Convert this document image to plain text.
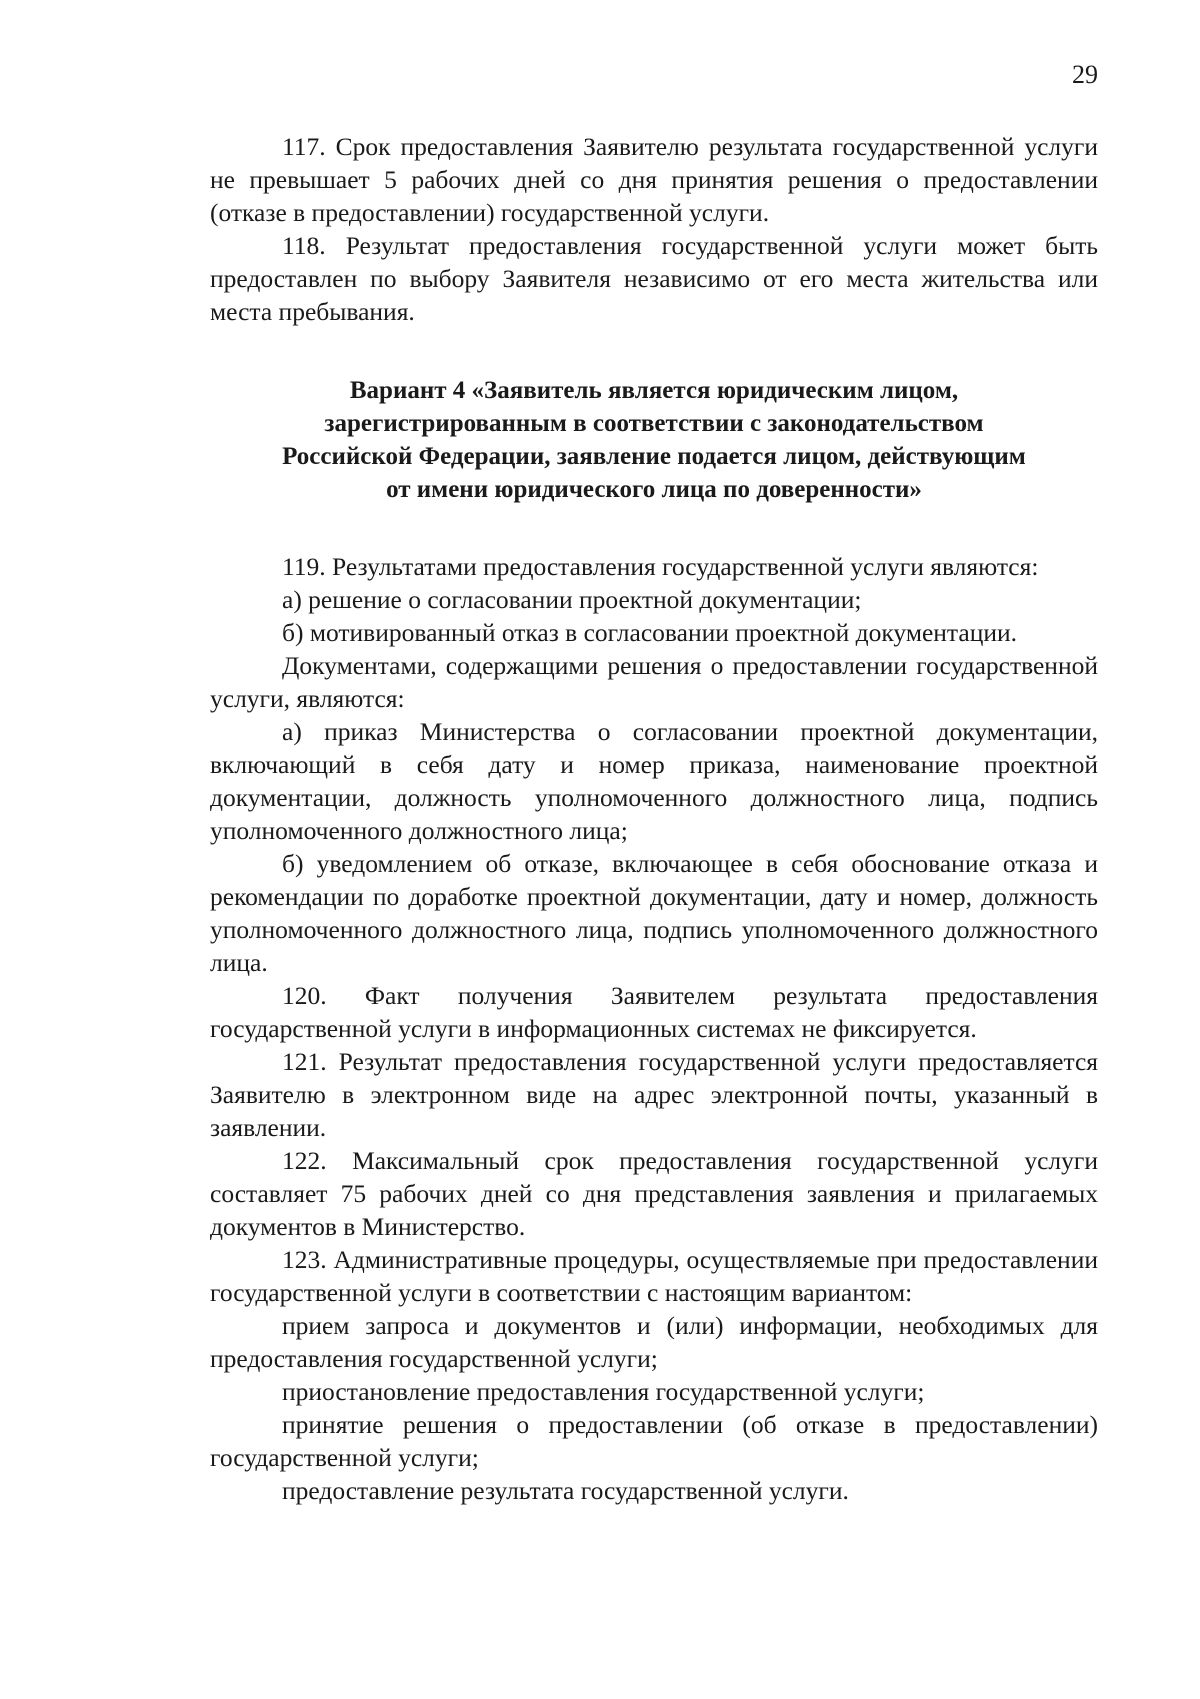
29

117. Срок предоставления Заявителю результата государственной услуги не превышает 5 рабочих дней со дня принятия решения о предоставлении (отказе в предоставлении) государственной услуги.

118. Результат предоставления государственной услуги может быть предоставлен по выбору Заявителя независимо от его места жительства или места пребывания.

Вариант 4 «Заявитель является юридическим лицом,
зарегистрированным в соответствии с законодательством
Российской Федерации, заявление подается лицом, действующим
от имени юридического лица по доверенности»

119. Результатами предоставления государственной услуги являются:

а) решение о согласовании проектной документации;

б) мотивированный отказ в согласовании проектной документации.

Документами, содержащими решения о предоставлении государственной услуги, являются:

а) приказ Министерства о согласовании проектной документации, включающий в себя дату и номер приказа, наименование проектной документации, должность уполномоченного должностного лица, подпись уполномоченного должностного лица;

б) уведомлением об отказе, включающее в себя обоснование отказа и рекомендации по доработке проектной документации, дату и номер, должность уполномоченного должностного лица, подпись уполномоченного должностного лица.

120. Факт получения Заявителем результата предоставления государственной услуги в информационных системах не фиксируется.

121. Результат предоставления государственной услуги предоставляется Заявителю в электронном виде на адрес электронной почты, указанный в заявлении.

122. Максимальный срок предоставления государственной услуги составляет 75 рабочих дней со дня представления заявления и прилагаемых документов в Министерство.

123. Административные процедуры, осуществляемые при предоставлении государственной услуги в соответствии с настоящим вариантом:

прием запроса и документов и (или) информации, необходимых для предоставления государственной услуги;

приостановление предоставления государственной услуги;

принятие решения о предоставлении (об отказе в предоставлении) государственной услуги;

предоставление результата государственной услуги.
